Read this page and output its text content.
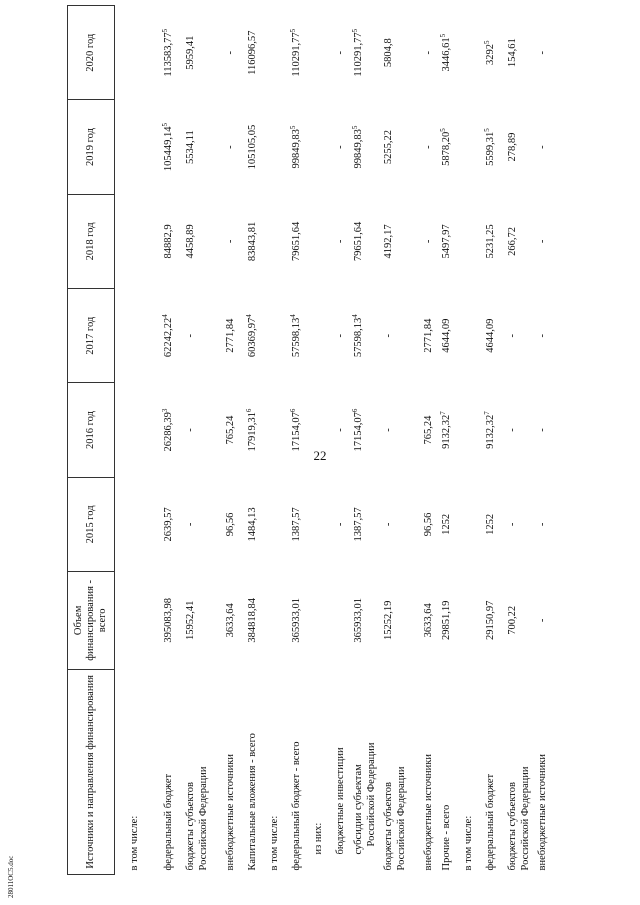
22
Источники и направления финансирования	Объем финансирования - всего	2015 год	2016 год	2017 год	2018 год	2019 год	2020 год
в том числе:							
федеральный бюджет	395083,98	2639,57	26286,39$^3$	62242,22$^4$	84882,9	105449,14$^5$	113583,77$^5$
бюджеты субъектов Российской Федерации	15952,41	-	-	-	4458,89	5534,11	5959,41
внебюджетные источники	3633,64	96,56	765,24	2771,84	-	-	-
Капитальные вложения - всего	384818,84	1484,13	17919,31$^6$	60369,97$^4$	83843,81	105105,05	116096,57
в том числе:							
федеральный бюджет - всего	365933,01	1387,57	17154,07$^6$	57598,13$^4$	79651,64	99849,83$^5$	110291,77$^5$
из них:							
бюджетные инвестиции		-	-	-	-	-	-
субсидии субъектам Российской Федерации	365933,01	1387,57	17154,07$^6$	57598,13$^4$	79651,64	99849,83$^5$	110291,77$^5$
бюджеты субъектов Российской Федерации	15252,19	-	-	-	4192,17	5255,22	5804,8
внебюджетные источники	3633,64	96,56	765,24	2771,84	-	-	-
Прочие - всего	29851,19	1252	9132,32$^7$	4644,09	5497,97	5878,20$^5$	3446,61$^5$
в том числе:							
федеральный бюджет	29150,97	1252	9132,32$^7$	4644,09	5231,25	5599,31$^5$	3292$^5$
бюджеты субъектов Российской Федерации	700,22	-	-	-	266,72	278,89	154,61
внебюджетные источники	-	-	-	-	-	-	-
28011OC5.doc
